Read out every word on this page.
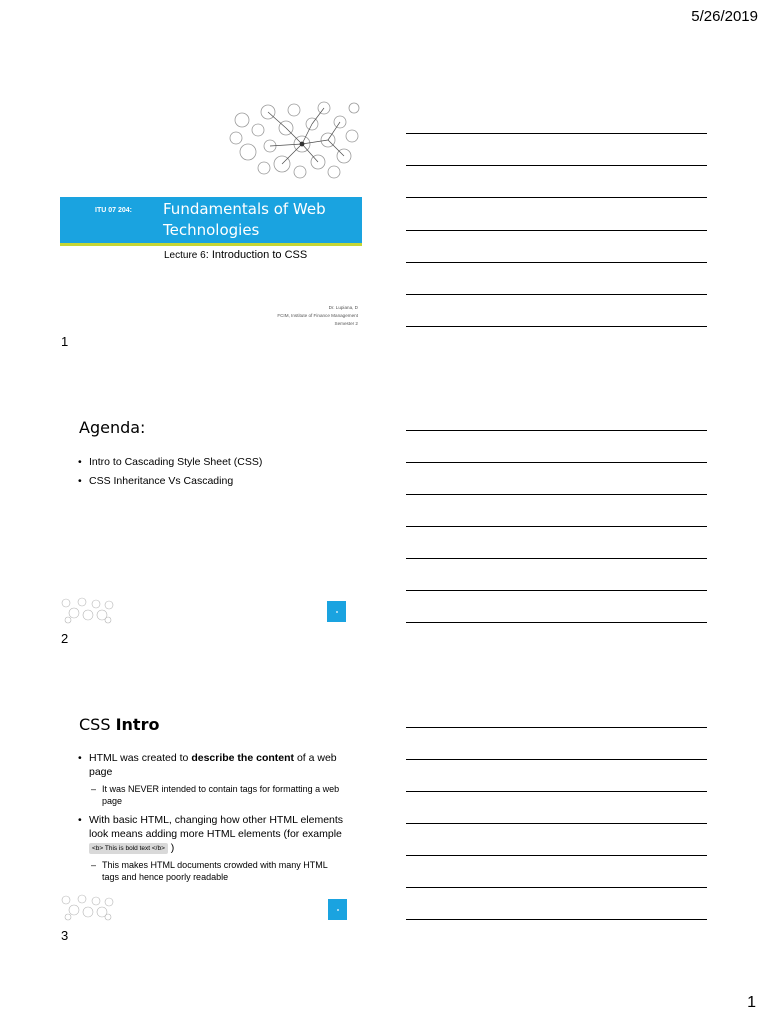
5/26/2019
ITU 07 204: Fundamentals of Web Technologies
Lecture 6: Introduction to CSS
Dr. Lupiana, D
FCIM, Institute of Finance Management
Semester 2
1
Agenda:
• Intro to Cascading Style Sheet (CSS)
• CSS Inheritance Vs Cascading
2
CSS Intro
• HTML was created to describe the content of a web page
– It was NEVER intended to contain tags for formatting a web page
• With basic HTML, changing how other HTML elements look means adding more HTML elements (for example <b> This is bold text </b> )
– This makes HTML documents crowded with many HTML tags and hence poorly readable
3
1
